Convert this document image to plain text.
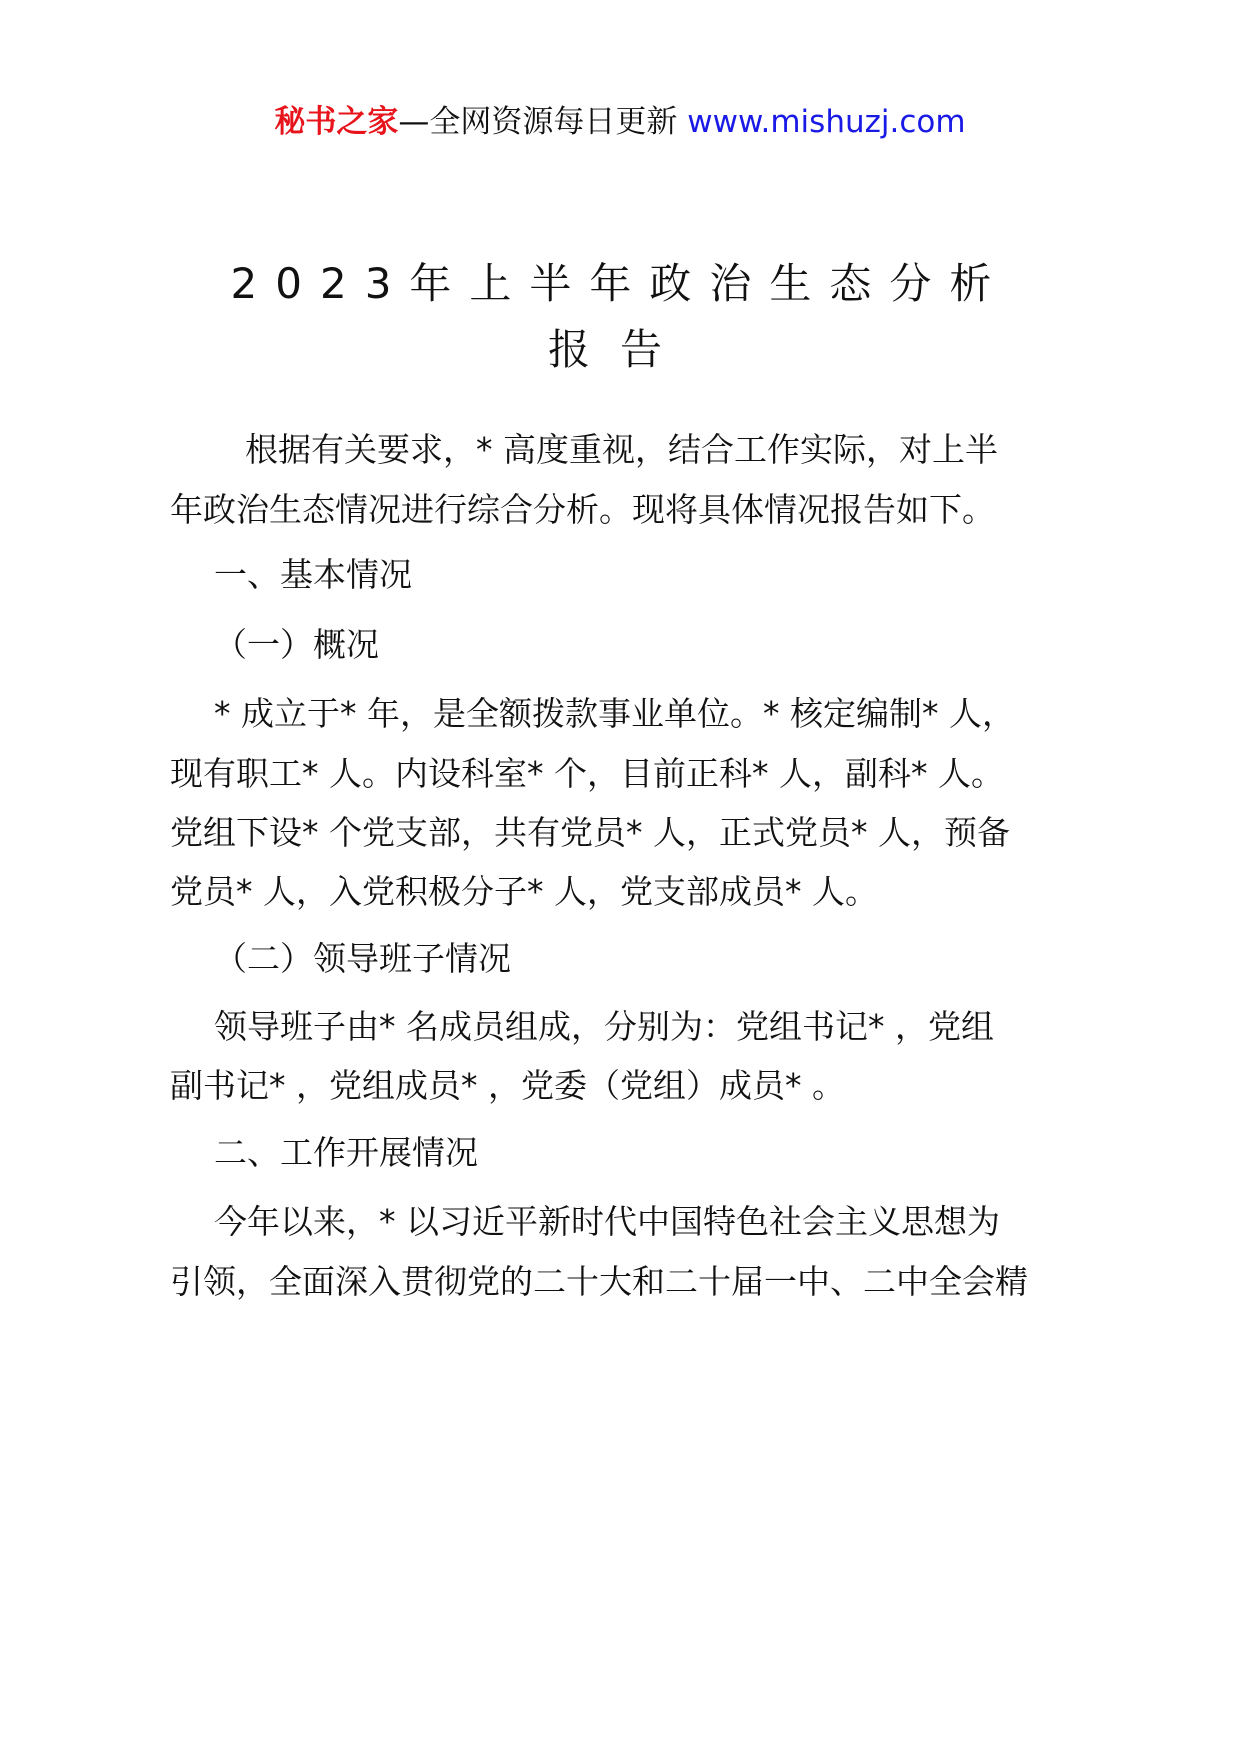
秘书之家—全网资源每日更新 www.mishuzj.com
2023年上半年政治生态分析
报告
根据有关要求，* 高度重视，结合工作实际，对上半
年政治生态情况进行综合分析。现将具体情况报告如下。
一、基本情况
（一）概况
* 成立于* 年，是全额拨款事业单位。* 核定编制* 人，
现有职工* 人。内设科室* 个，目前正科* 人，副科* 人。
党组下设* 个党支部，共有党员* 人，正式党员* 人，预备
党员* 人，入党积极分子* 人，党支部成员* 人。
（二）领导班子情况
领导班子由* 名成员组成，分别为：党组书记* ，党组
副书记* ，党组成员* ，党委（党组）成员* 。
二、工作开展情况
今年以来，* 以习近平新时代中国特色社会主义思想为
引领，全面深入贯彻党的二十大和二十届一中、二中全会精
